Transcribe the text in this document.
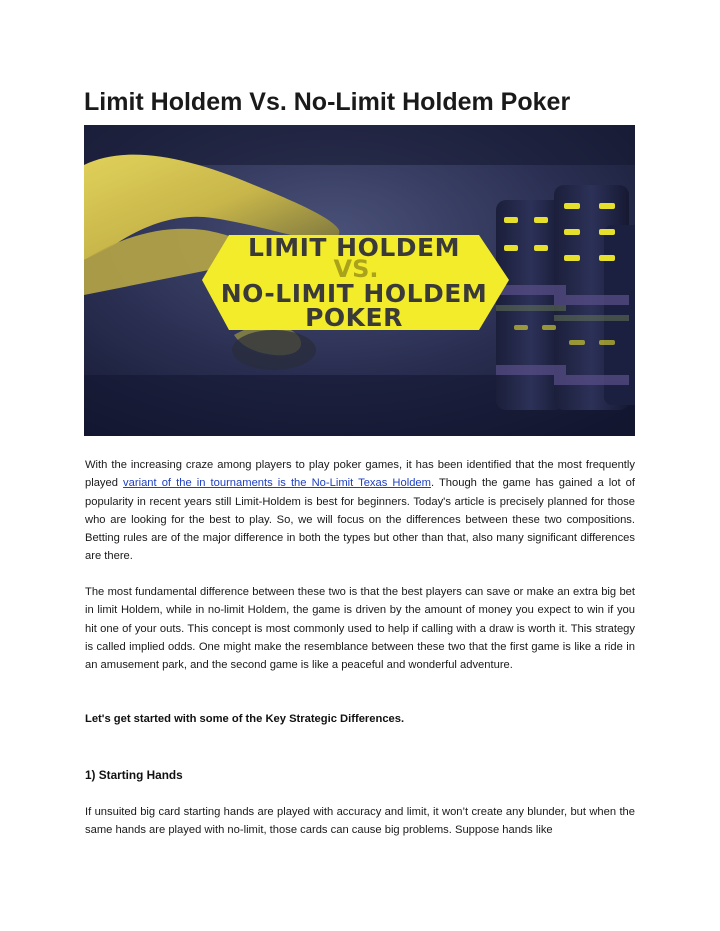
Limit Holdem Vs. No-Limit Holdem Poker
LIMIT HOLDEM
VS.
NO-LIMIT HOLDEM
POKER

With the increasing craze among players to play poker games, it has been identified that the most frequently played variant of the in tournaments is the No-Limit Texas Holdem. Though the game has gained a lot of popularity in recent years still Limit-Holdem is best for beginners. Today's article is precisely planned for those who are looking for the best to play. So, we will focus on the differences between these two compositions. Betting rules are of the major difference in both the types but other than that, also many significant differences are there.

The most fundamental difference between these two is that the best players can save or make an extra big bet in limit Holdem, while in no-limit Holdem, the game is driven by the amount of money you expect to win if you hit one of your outs. This concept is most commonly used to help if calling with a draw is worth it. This strategy is called implied odds. One might make the resemblance between these two that the first game is like a ride in an amusement park, and the second game is like a peaceful and wonderful adventure.

Let's get started with some of the Key Strategic Differences.

1) Starting Hands

If unsuited big card starting hands are played with accuracy and limit, it won’t create any blunder, but when the same hands are played with no-limit, those cards can cause big problems. Suppose hands like
